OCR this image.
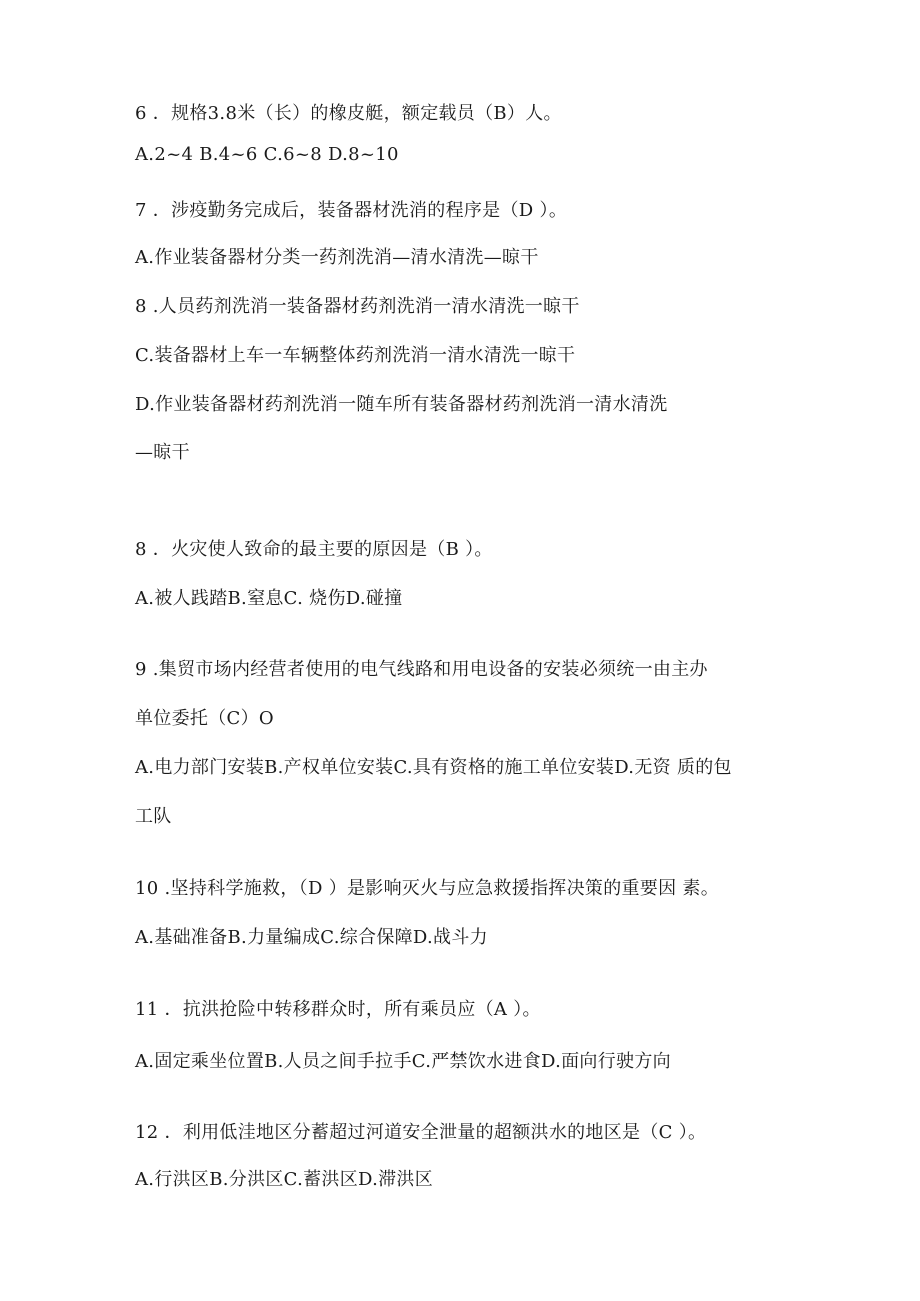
6 ．规格3.8米（长）的橡皮艇，额定载员（B）人。
A.2~4 B.4~6 C.6~8 D.8~10
7 ．涉疫勤务完成后，装备器材洗消的程序是（D ）。
A.作业装备器材分类一药剂洗消—清水清洗—晾干
8 .人员药剂洗消一装备器材药剂洗消一清水清洗一晾干
C.装备器材上车一车辆整体药剂洗消一清水清洗一晾干
D.作业装备器材药剂洗消一随车所有装备器材药剂洗消一清水清洗
—晾干
8 ．火灾使人致命的最主要的原因是（B ）。
A.被人践踏B.窒息C. 烧伤D.碰撞
9 .集贸市场内经营者使用的电气线路和用电设备的安装必须统一由主办
单位委托（C）O
A.电力部门安装B.产权单位安装C.具有资格的施工单位安装D.无资 质的包
工队
10 .坚持科学施救，（D ）是影响灭火与应急救援指挥决策的重要因 素。
A.基础准备B.力量编成C.综合保障D.战斗力
11 ．抗洪抢险中转移群众时，所有乘员应（A ）。
A.固定乘坐位置B.人员之间手拉手C.严禁饮水进食D.面向行驶方向
12 ．利用低洼地区分蓄超过河道安全泄量的超额洪水的地区是（C ）。
A.行洪区B.分洪区C.蓄洪区D.滞洪区
